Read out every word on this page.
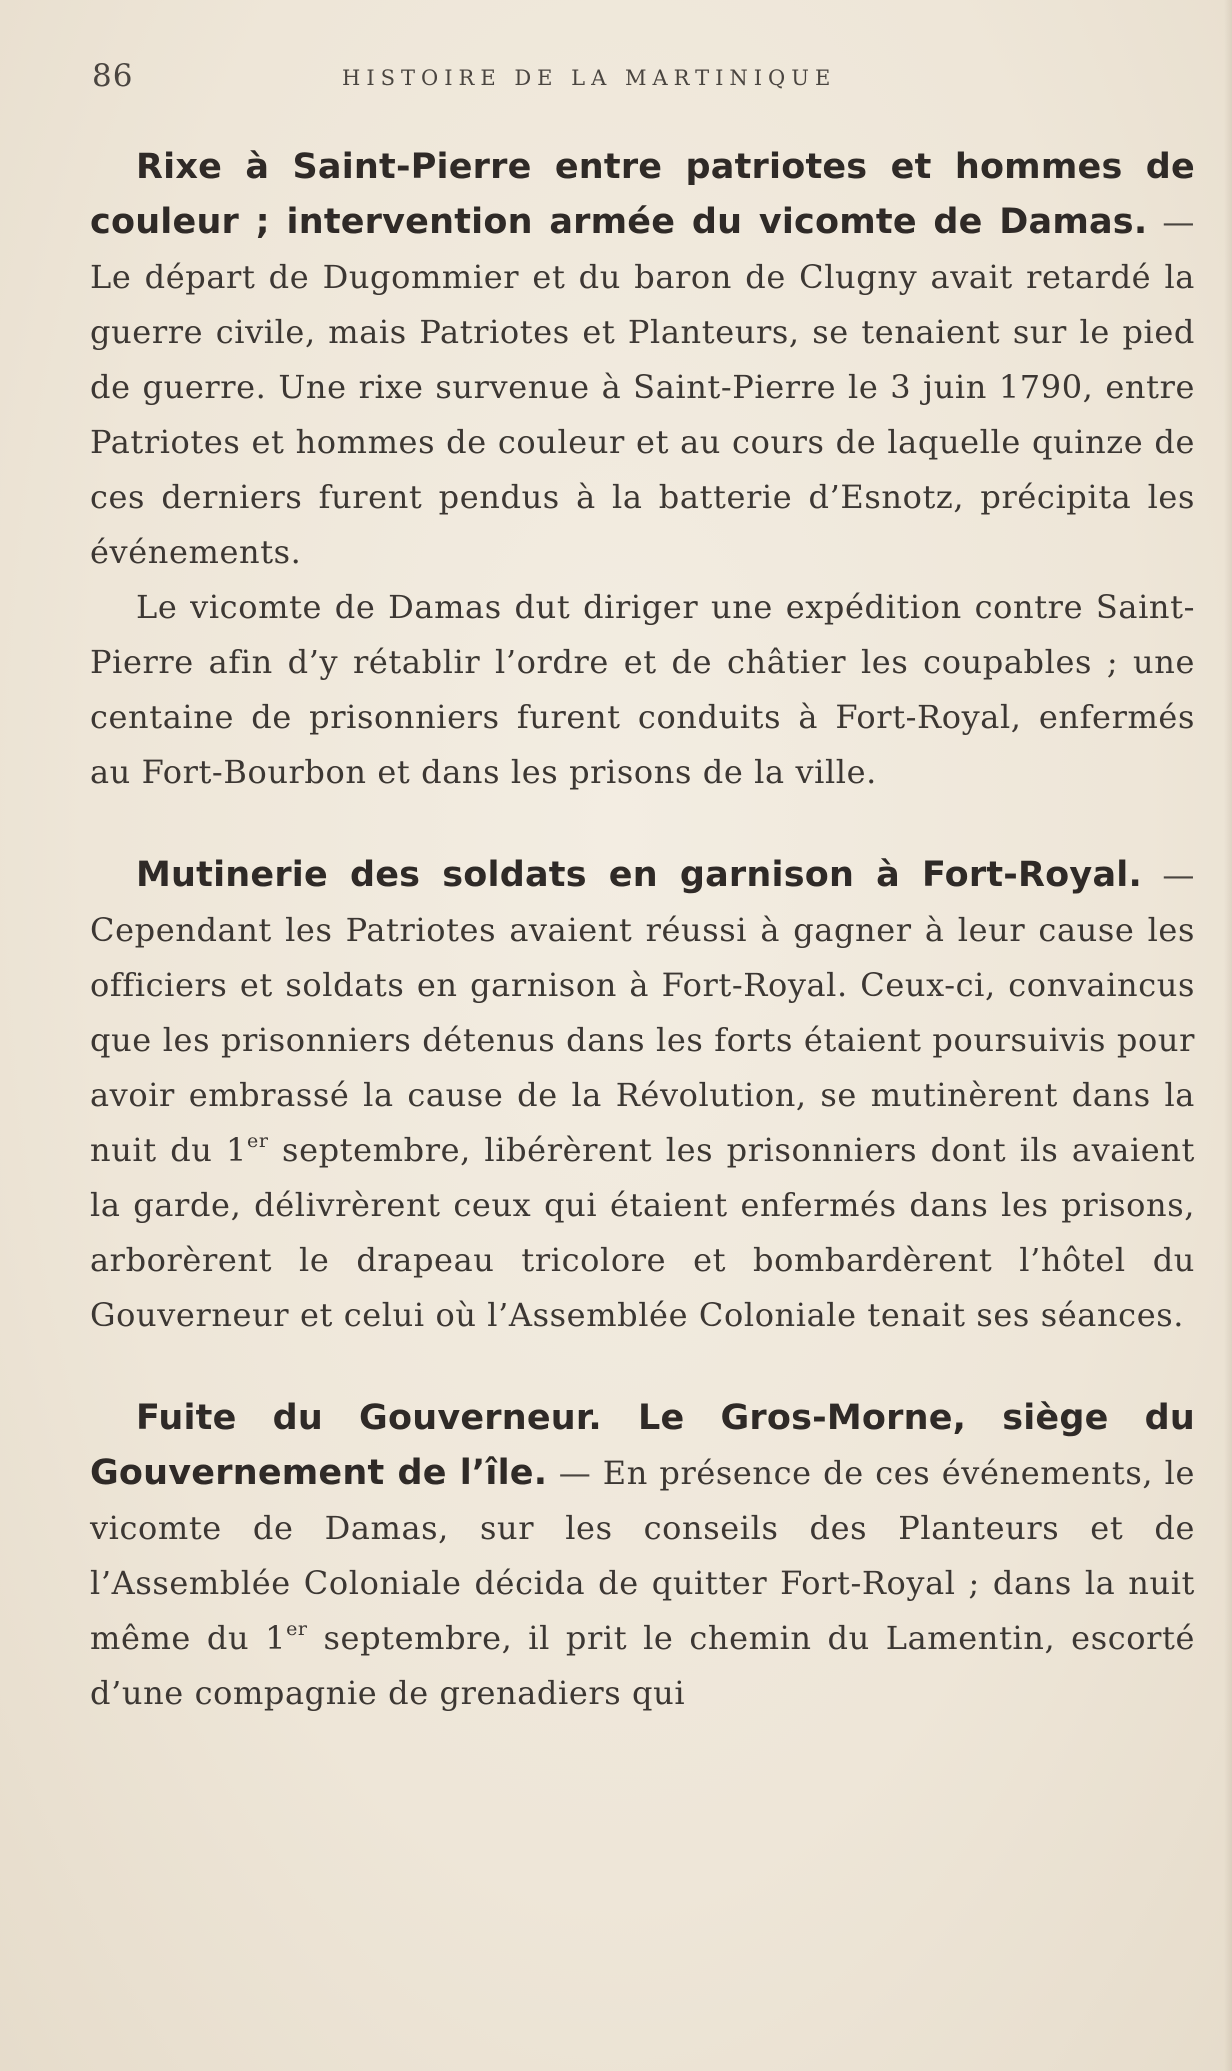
86	HISTOIRE DE LA MARTINIQUE

Rixe à Saint-Pierre entre patriotes et hommes de couleur ; intervention armée du vicomte de Damas. — Le départ de Dugommier et du baron de Clugny avait retardé la guerre civile, mais Patriotes et Planteurs, se tenaient sur le pied de guerre. Une rixe survenue à Saint-Pierre le 3 juin 1790, entre Patriotes et hommes de couleur et au cours de laquelle quinze de ces derniers furent pendus à la batterie d’Esnotz, précipita les événements.

Le vicomte de Damas dut diriger une expédition contre Saint-Pierre afin d’y rétablir l’ordre et de châtier les coupables ; une centaine de prisonniers furent conduits à Fort-Royal, enfermés au Fort-Bourbon et dans les prisons de la ville.

Mutinerie des soldats en garnison à Fort-Royal. — Cependant les Patriotes avaient réussi à gagner à leur cause les officiers et soldats en garnison à Fort-Royal. Ceux-ci, convaincus que les prisonniers détenus dans les forts étaient poursuivis pour avoir embrassé la cause de la Révolution, se mutinèrent dans la nuit du 1er septembre, libérèrent les prisonniers dont ils avaient la garde, délivrèrent ceux qui étaient enfermés dans les prisons, arborèrent le drapeau tricolore et bombardèrent l’hôtel du Gouverneur et celui où l’Assemblée Coloniale tenait ses séances.

Fuite du Gouverneur. Le Gros-Morne, siège du Gouvernement de l’île. — En présence de ces événements, le vicomte de Damas, sur les conseils des Planteurs et de l’Assemblée Coloniale décida de quitter Fort-Royal ; dans la nuit même du 1er septembre, il prit le chemin du Lamentin, escorté d’une compagnie de grenadiers qui
